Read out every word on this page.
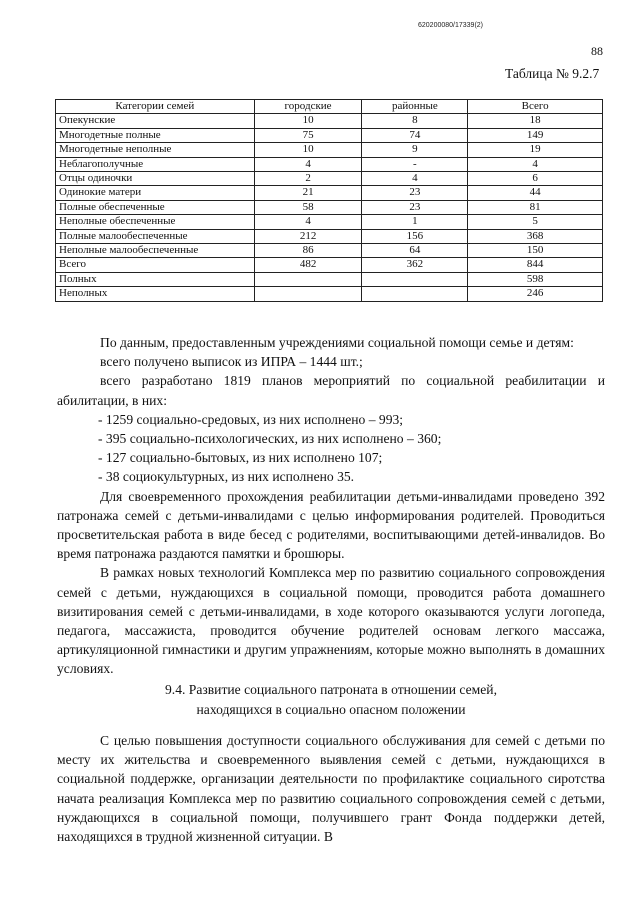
620200080/17339(2)
88
Таблица № 9.2.7
Категории семей	городские	районные	Всего
Опекунские	10	8	18
Многодетные полные	75	74	149
Многодетные неполные	10	9	19
Неблагополучные	4	-	4
Отцы одиночки	2	4	6
Одинокие матери	21	23	44
Полные обеспеченные	58	23	81
Неполные обеспеченные	4	1	5
Полные малообеспеченные	212	156	368
Неполные малообеспеченные	86	64	150
Всего	482	362	844
Полных			598
Неполных			246

По данным, предоставленным учреждениями социальной помощи семье и детям:

всего получено выписок из ИПРА – 1444 шт.;

всего разработано 1819 планов мероприятий по социальной реабилитации и абилитации, в них:

- 1259 социально-средовых, из них исполнено – 993;

- 395 социально-психологических, из них исполнено – 360;

- 127 социально-бытовых, из них исполнено 107;

- 38 социокультурных, из них исполнено 35.

Для своевременного прохождения реабилитации детьми-инвалидами проведено 392 патронажа семей с детьми-инвалидами с целью информирования родителей. Проводиться просветительская работа в виде бесед с родителями, воспитывающими детей-инвалидов. Во время патронажа раздаются памятки и брошюры.

В рамках новых технологий Комплекса мер по развитию социального сопровождения семей с детьми, нуждающихся в социальной помощи, проводится работа домашнего визитирования семей с детьми-инвалидами, в ходе которого оказываются услуги логопеда, педагога, массажиста, проводится обучение родителей основам легкого массажа, артикуляционной гимнастики и другим упражнениям, которые можно выполнять в домашних условиях.

9.4. Развитие социального патроната в отношении семей,
находящихся в социально опасном положении

С целью повышения доступности социального обслуживания для семей с детьми по месту их жительства и своевременного выявления семей с детьми, нуждающихся в социальной поддержке, организации деятельности по профилактике социального сиротства начата реализация Комплекса мер по развитию социального сопровождения семей с детьми, нуждающихся в социальной помощи, получившего грант Фонда поддержки детей, находящихся в трудной жизненной ситуации. В
